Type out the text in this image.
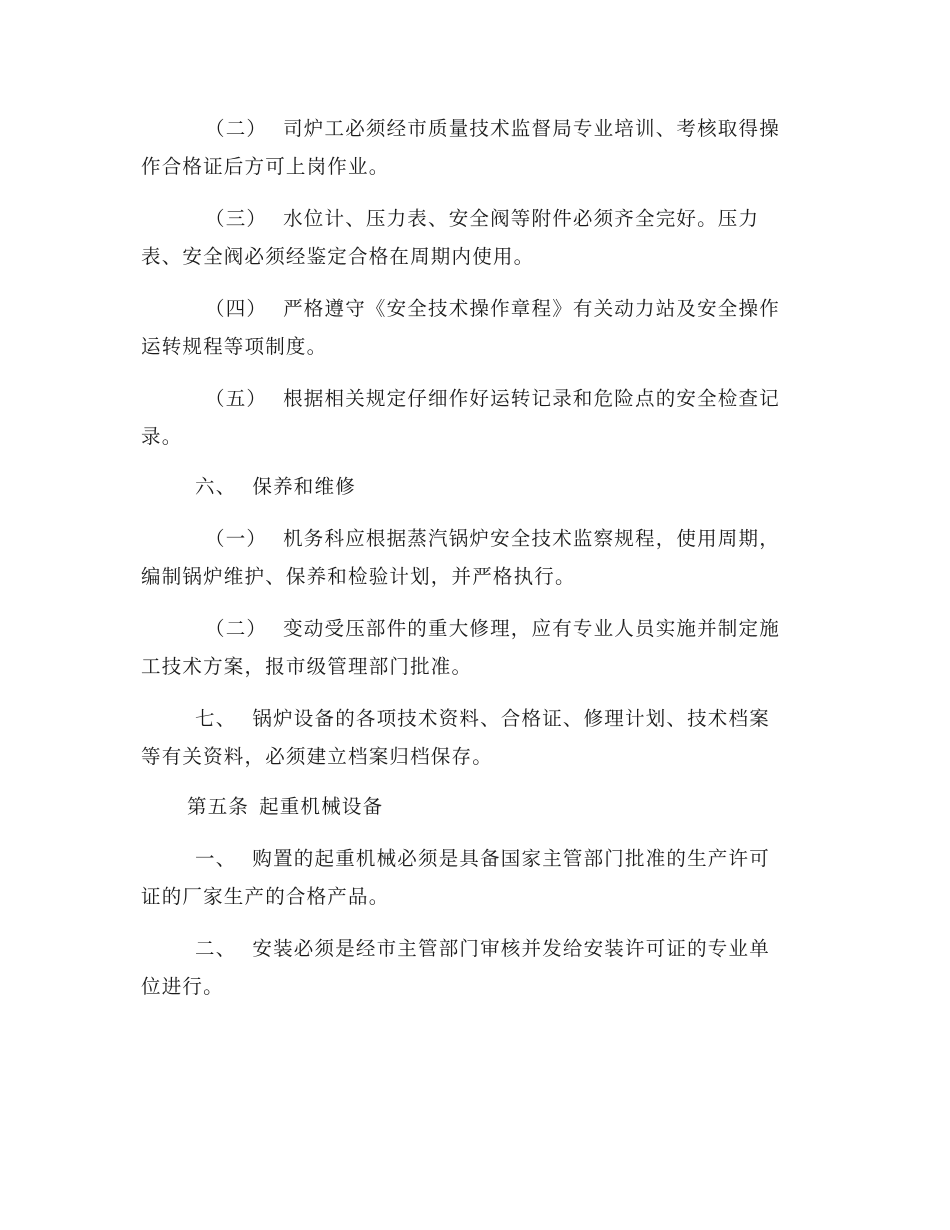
（二） 司炉工必须经市质量技术监督局专业培训、考核取得操
作合格证后方可上岗作业。

（三） 水位计、压力表、安全阀等附件必须齐全完好。压力
表、安全阀必须经鉴定合格在周期内使用。

（四） 严格遵守《安全技术操作章程》有关动力站及安全操作
运转规程等项制度。

（五） 根据相关规定仔细作好运转记录和危险点的安全检查记
录。

六、 保养和维修

（一） 机务科应根据蒸汽锅炉安全技术监察规程，使用周期，
编制锅炉维护、保养和检验计划，并严格执行。

（二） 变动受压部件的重大修理，应有专业人员实施并制定施
工技术方案，报市级管理部门批准。

七、 锅炉设备的各项技术资料、合格证、修理计划、技术档案
等有关资料，必须建立档案归档保存。

第五条 起重机械设备

一、 购置的起重机械必须是具备国家主管部门批准的生产许可
证的厂家生产的合格产品。

二、 安装必须是经市主管部门审核并发给安装许可证的专业单
位进行。
